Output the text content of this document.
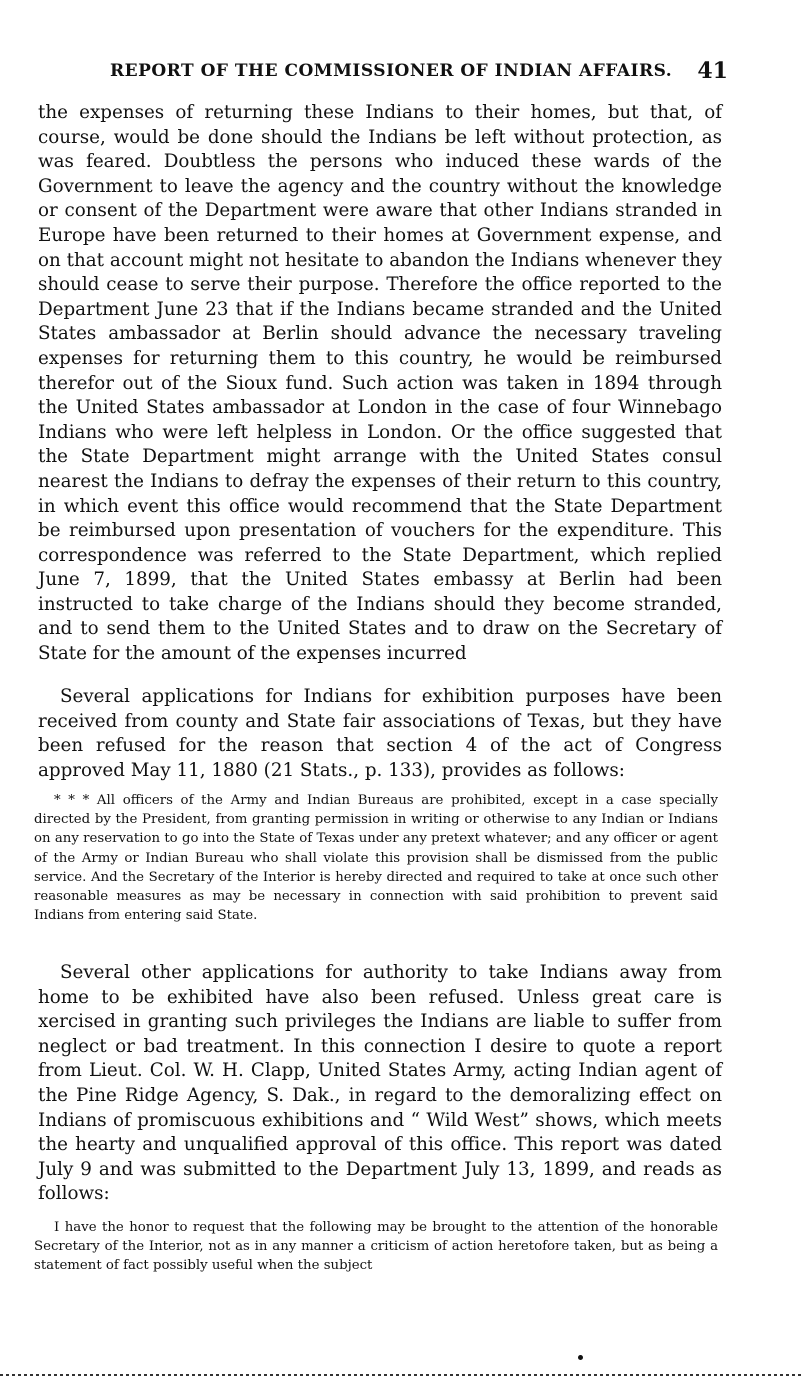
REPORT OF THE COMMISSIONER OF INDIAN AFFAIRS. 41

the expenses of returning these Indians to their homes, but that, of course, would be done should the Indians be left without protection, as was feared. Doubtless the persons who induced these wards of the Government to leave the agency and the country without the knowledge or consent of the Department were aware that other Indians stranded in Europe have been returned to their homes at Government expense, and on that account might not hesitate to abandon the Indians whenever they should cease to serve their purpose. Therefore the office reported to the Department June 23 that if the Indians became stranded and the United States ambassador at Berlin should advance the necessary traveling expenses for returning them to this country, he would be reimbursed therefor out of the Sioux fund. Such action was taken in 1894 through the United States ambassador at London in the case of four Winnebago Indians who were left helpless in London. Or the office suggested that the State Department might arrange with the United States consul nearest the Indians to defray the expenses of their return to this country, in which event this office would recommend that the State Department be reimbursed upon presentation of vouchers for the expenditure. This correspondence was referred to the State Department, which replied June 7, 1899, that the United States embassy at Berlin had been instructed to take charge of the Indians should they become stranded, and to send them to the United States and to draw on the Secretary of State for the amount of the expenses incurred

Several applications for Indians for exhibition purposes have been received from county and State fair associations of Texas, but they have been refused for the reason that section 4 of the act of Congress approved May 11, 1880 (21 Stats., p. 133), provides as follows:

* * * All officers of the Army and Indian Bureaus are prohibited, except in a case specially directed by the President, from granting permission in writing or otherwise to any Indian or Indians on any reservation to go into the State of Texas under any pretext whatever; and any officer or agent of the Army or Indian Bureau who shall violate this provision shall be dismissed from the public service. And the Secretary of the Interior is hereby directed and required to take at once such other reasonable measures as may be necessary in connection with said prohibition to prevent said Indians from entering said State.

Several other applications for authority to take Indians away from home to be exhibited have also been refused. Unless great care is xercised in granting such privileges the Indians are liable to suffer from neglect or bad treatment. In this connection I desire to quote a report from Lieut. Col. W. H. Clapp, United States Army, acting Indian agent of the Pine Ridge Agency, S. Dak., in regard to the demoralizing effect on Indians of promiscuous exhibitions and “ Wild West” shows, which meets the hearty and unqualified approval of this office. This report was dated July 9 and was submitted to the Department July 13, 1899, and reads as follows:

I have the honor to request that the following may be brought to the attention of the honorable Secretary of the Interior, not as in any manner a criticism of action heretofore taken, but as being a statement of fact possibly useful when the subject
